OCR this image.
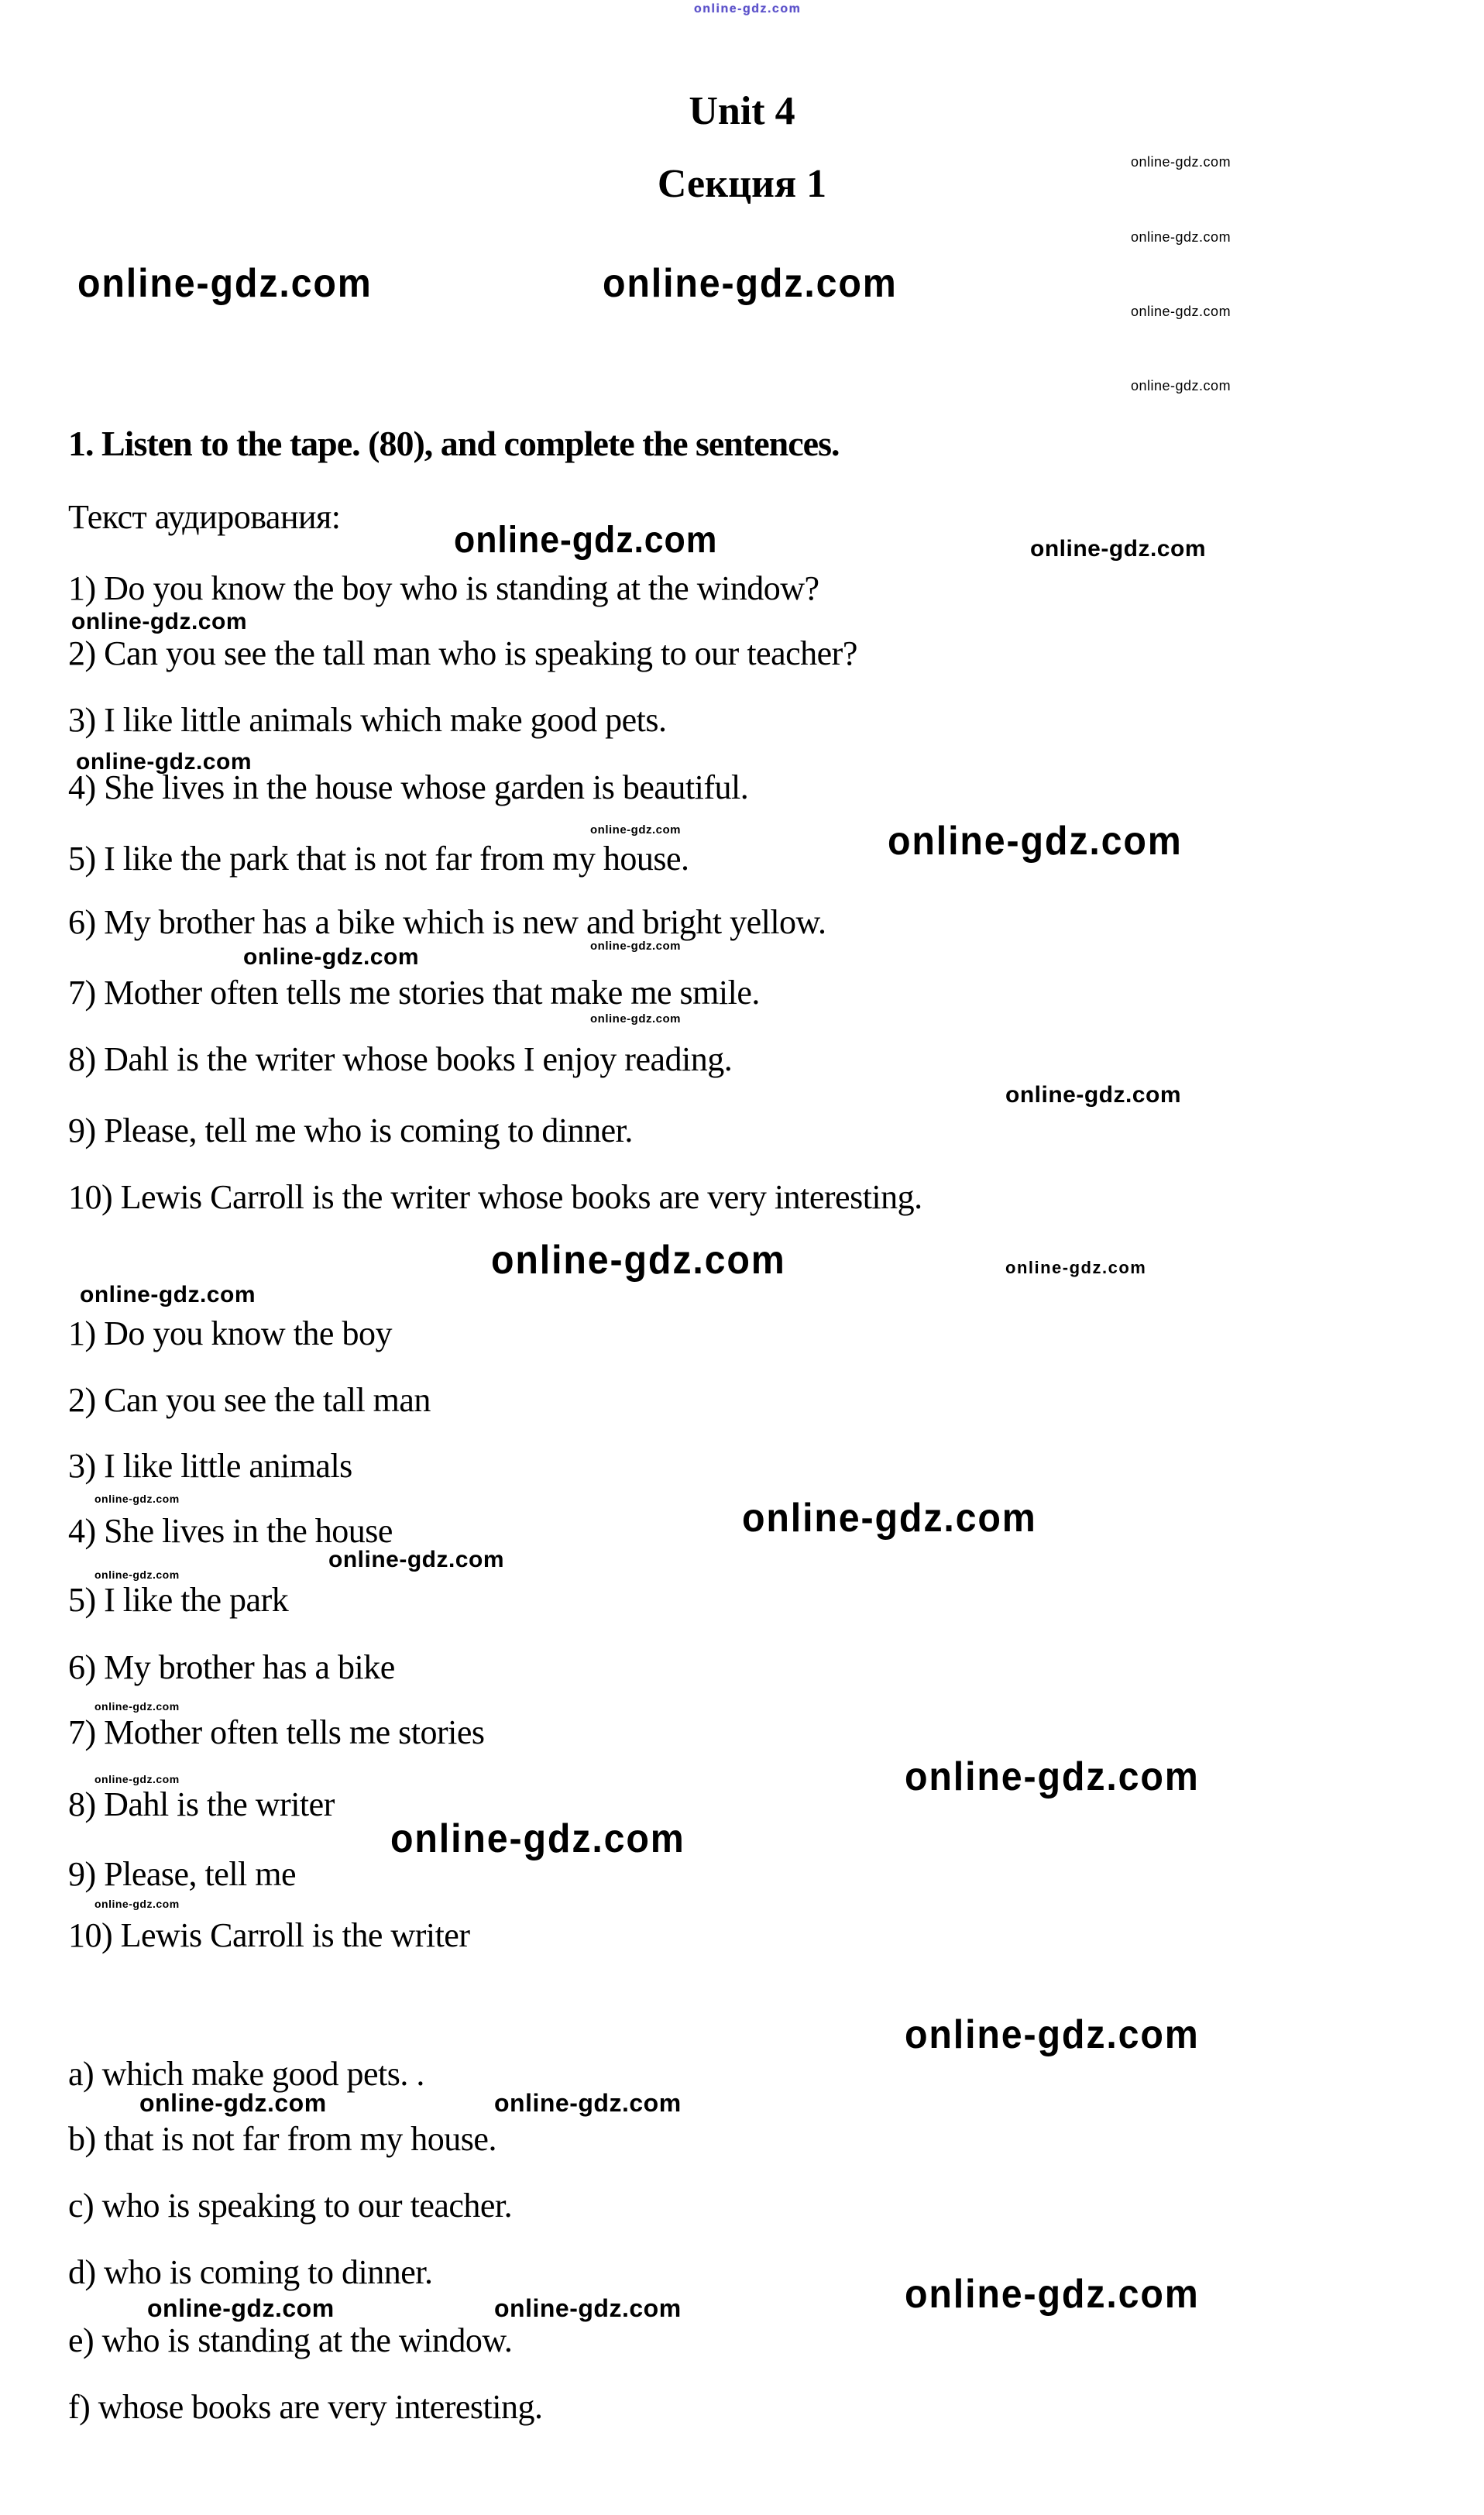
Unit 4
Секция 1
1. Listen to the tape. (80), and complete the sentences.
Текст аудирования:
1) Do you know the boy who is standing at the window?
2) Can you see the tall man who is speaking to our teacher?
3) I like little animals which make good pets.
4) She lives in the house whose garden is beautiful.
5) I like the park that is not far from my house.
6) My brother has a bike which is new and bright yellow.
7) Mother often tells me stories that make me smile.
8) Dahl is the writer whose books I enjoy reading.
9) Please, tell me who is coming to dinner.
10) Lewis Carroll is the writer whose books are very interesting.
1) Do you know the boy
2) Can you see the tall man
3) I like little animals
4) She lives in the house
5) I like the park
6) My brother has a bike
7) Mother often tells me stories
8) Dahl is the writer
9) Please, tell me
10) Lewis Carroll is the writer
a) which make good pets. .
b) that is not far from my house.
c) who is speaking to our teacher.
d) who is coming to dinner.
e) who is standing at the window.
f) whose books are very interesting.
online-gdz.com
online-gdz.com
online-gdz.com
online-gdz.com
online-gdz.com
online-gdz.com	online-gdz.com
online-gdz.com	online-gdz.com
online-gdz.com
online-gdz.com
online-gdz.com	online-gdz.com
online-gdz.com	online-gdz.com
online-gdz.com
online-gdz.com
online-gdz.com	online-gdz.com
online-gdz.com
online-gdz.com	online-gdz.com
online-gdz.com
online-gdz.com
online-gdz.com
online-gdz.com	online-gdz.com
online-gdz.com
online-gdz.com
online-gdz.com
online-gdz.com	online-gdz.com
online-gdz.com
online-gdz.com	online-gdz.com
